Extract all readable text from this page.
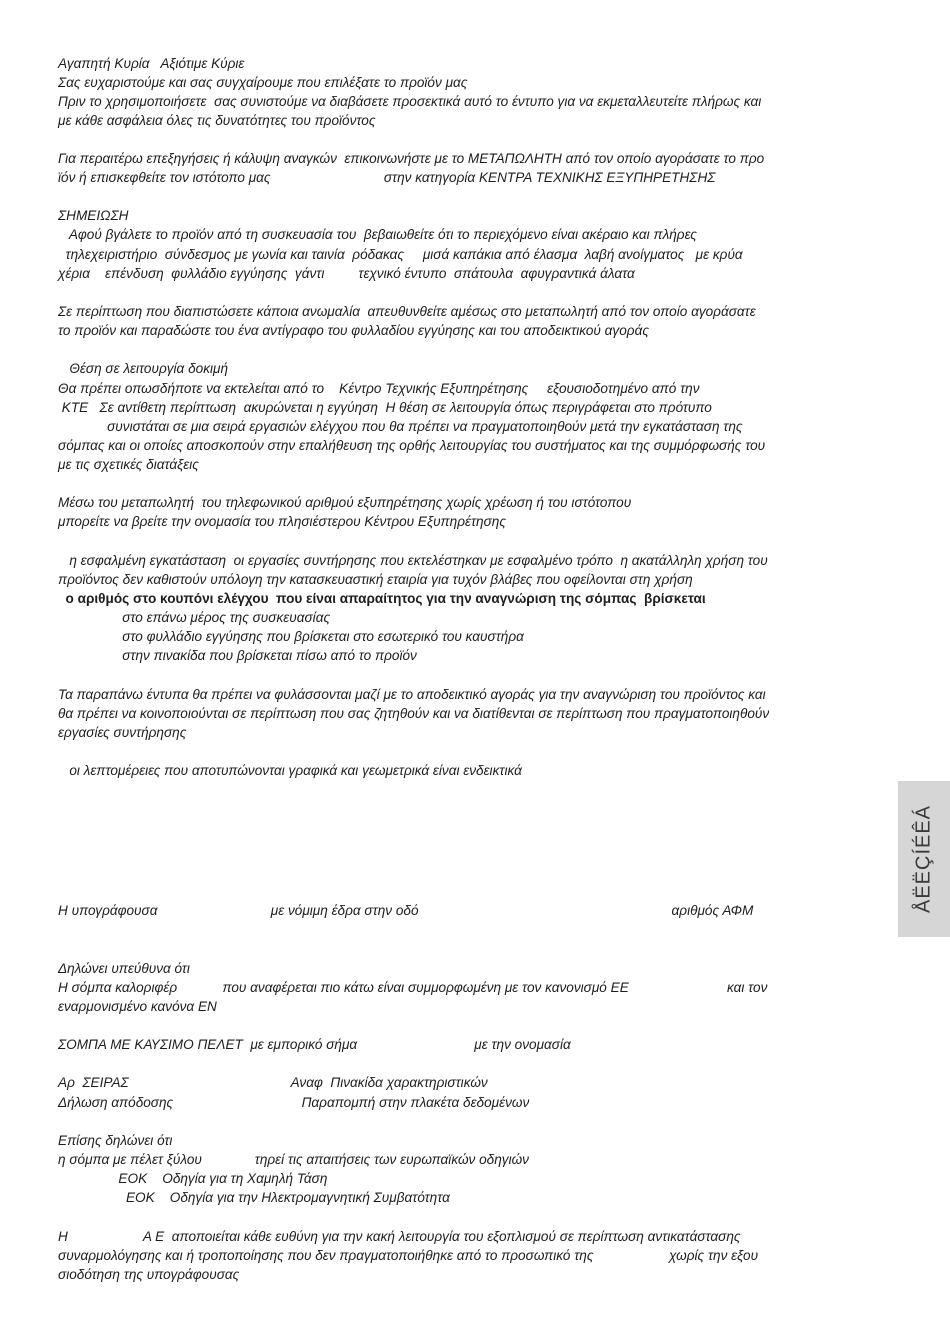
Αγαπητή Κυρία   Αξιότιμε Κύριε
Σας ευχαριστούμε και σας συγχαίρουμε που επιλέξατε το προϊόν μας
Πριν το χρησιμοποιήσετε  σας συνιστούμε να διαβάσετε προσεκτικά αυτό το έντυπο για να εκμεταλλευτείτε πλήρως και
με κάθε ασφάλεια όλες τις δυνατότητες του προϊόντος
Για περαιτέρω επεξηγήσεις ή κάλυψη αναγκών  επικοινωνήστε με το ΜΕΤΑΠΩΛΗΤΗ από τον οποίο αγοράσατε το προ
ϊόν ή επισκεφθείτε τον ιστότοπο μας                              στην κατηγορία ΚΕΝΤΡΑ ΤΕΧΝΙΚΗΣ ΕΞΥΠΗΡΕΤΗΣΗΣ
ΣΗΜΕΙΩΣΗ
Αφού βγάλετε το προϊόν από τη συσκευασία του  βεβαιωθείτε ότι το περιεχόμενο είναι ακέραιο και πλήρες
τηλεχειριστήριο  σύνδεσμος με γωνία και ταινία  ρόδακας     μισά καπάκια από έλασμα  λαβή ανοίγματος   με κρύα
χέρια    επένδυση  φυλλάδιο εγγύησης  γάντι         τεχνικό έντυπο  σπάτουλα  αφυγραντικά άλατα
Σε περίπτωση που διαπιστώσετε κάποια ανωμαλία  απευθυνθείτε αμέσως στο μεταπωλητή από τον οποίο αγοράσατε
το προϊόν και παραδώστε του ένα αντίγραφο του φυλλαδίου εγγύησης και του αποδεικτικού αγοράς
Θέση σε λειτουργία δοκιμή
Θα πρέπει οπωσδήποτε να εκτελείται από το    Κέντρο Τεχνικής Εξυπηρέτησης     εξουσιοδοτημένο από την
ΚΤΕ   Σε αντίθετη περίπτωση  ακυρώνεται η εγγύηση  Η θέση σε λειτουργία όπως περιγράφεται στο πρότυπο
συνιστάται σε μια σειρά εργασιών ελέγχου που θα πρέπει να πραγματοποιηθούν μετά την εγκατάσταση της
σόμπας και οι οποίες αποσκοπούν στην επαλήθευση της ορθής λειτουργίας του συστήματος και της συμμόρφωσής του
με τις σχετικές διατάξεις
Μέσω του μεταπωλητή  του τηλεφωνικού αριθμού εξυπηρέτησης χωρίς χρέωση ή του ιστότοπου
μπορείτε να βρείτε την ονομασία του πλησιέστερου Κέντρου Εξυπηρέτησης
η εσφαλμένη εγκατάσταση  οι εργασίες συντήρησης που εκτελέστηκαν με εσφαλμένο τρόπο  η ακατάλληλη χρήση του
προϊόντος δεν καθιστούν υπόλογη την κατασκευαστική εταιρία για τυχόν βλάβες που οφείλονται στη χρήση
ο αριθμός στο κουπόνι ελέγχου  που είναι απαραίτητος για την αναγνώριση της σόμπας  βρίσκεται
στο επάνω μέρος της συσκευασίας
στο φυλλάδιο εγγύησης που βρίσκεται στο εσωτερικό του καυστήρα
στην πινακίδα που βρίσκεται πίσω από το προϊόν
Τα παραπάνω έντυπα θα πρέπει να φυλάσσονται μαζί με το αποδεικτικό αγοράς για την αναγνώριση του προϊόντος και
θα πρέπει να κοινοποιούνται σε περίπτωση που σας ζητηθούν και να διατίθενται σε περίπτωση που πραγματοποιηθούν
εργασίες συντήρησης
οι λεπτομέρειες που αποτυπώνονται γραφικά και γεωμετρικά είναι ενδεικτικά
Η υπογράφουσα                              με νόμιμη έδρα στην οδό                                                                   αριθμός ΑΦΜ
Δηλώνει υπεύθυνα ότι
Η σόμπα καλοριφέρ            που αναφέρεται πιο κάτω είναι συμμορφωμένη με τον κανονισμό ΕΕ                          και τον
εναρμονισμένο κανόνα ΕΝ
ΣΟΜΠΑ ΜΕ ΚΑΥΣΙΜΟ ΠΕΛΕΤ  με εμπορικό σήμα                               με την ονομασία
Αρ  ΣΕΙΡΑΣ                                           Αναφ  Πινακίδα χαρακτηριστικών
Δήλωση απόδοσης                                  Παραπομπή στην πλακέτα δεδομένων
Επίσης δηλώνει ότι
η σόμπα με πέλετ ξύλου              τηρεί τις απαιτήσεις των ευρωπαϊκών οδηγιών
ΕΟΚ    Οδηγία για τη Χαμηλή Τάση
ΕΟΚ    Οδηγία για την Ηλεκτρομαγνητική Συμβατότητα
Η                    Α Ε  αποποιείται κάθε ευθύνη για την κακή λειτουργία του εξοπλισμού σε περίπτωση αντικατάστασης
συναρμολόγησης και ή τροποποίησης που δεν πραγματοποιήθηκε από το προσωπικό της                    χωρίς την εξου
σιοδότηση της υπογράφουσας
ÅËËÇÍÉÊÁ
